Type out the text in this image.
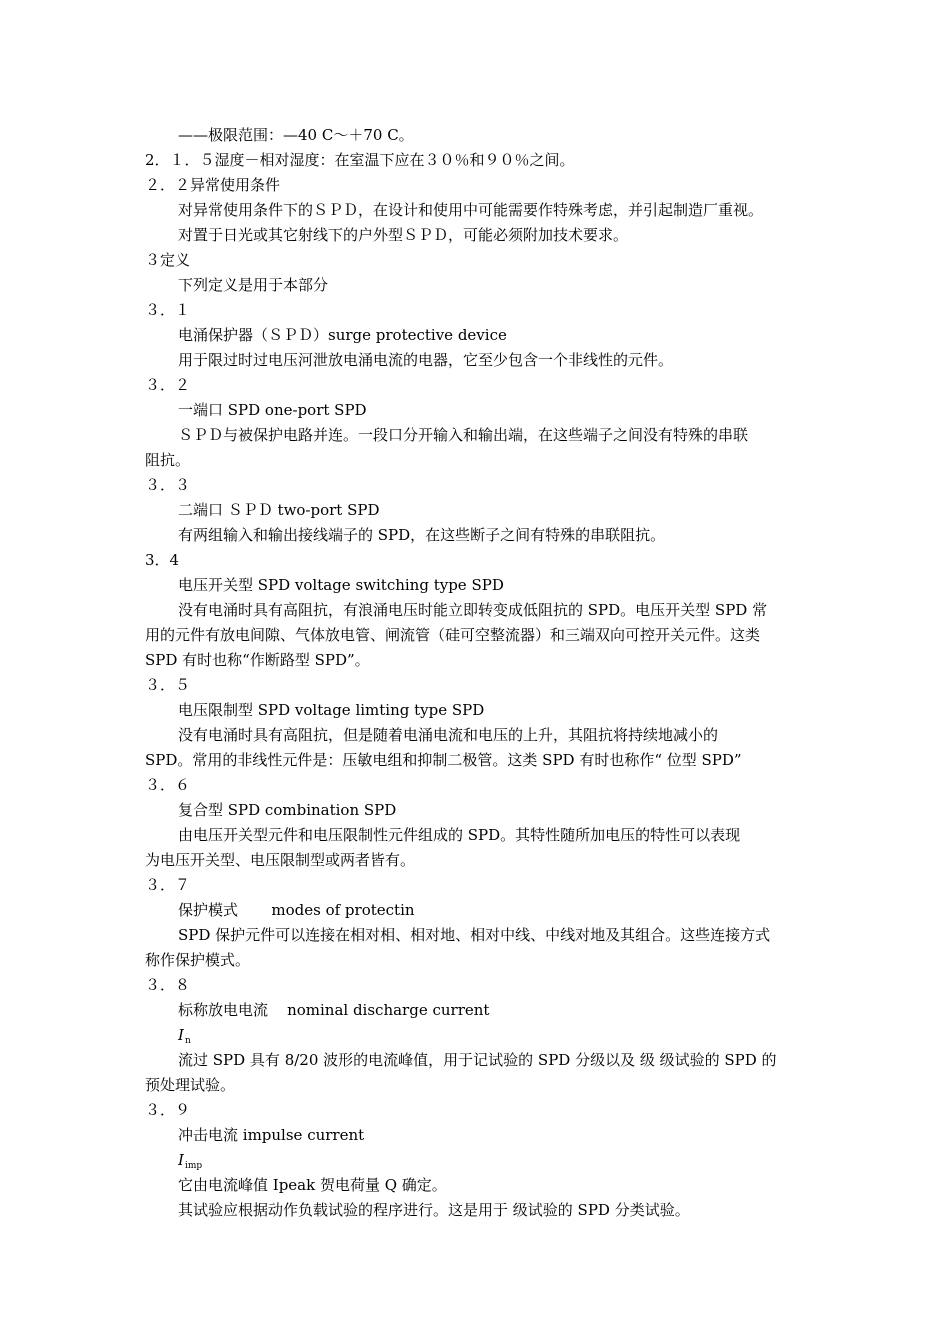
——极限范围：—40 C～＋70 C。
2．１．５湿度－相对湿度：在室温下应在３０％和９０％之间。
２．２异常使用条件
对异常使用条件下的ＳＰＤ，在设计和使用中可能需要作特殊考虑，并引起制造厂重视。
对置于日光或其它射线下的户外型ＳＰＤ，可能必须附加技术要求。
３定义
下列定义是用于本部分
３．１
电涌保护器（ＳＰＤ）surge protective device
用于限过时过电压河泄放电涌电流的电器，它至少包含一个非线性的元件。
３．２
一端口 SPD one-port SPD
ＳＰＤ与被保护电路并连。一段口分开输入和输出端，在这些端子之间没有特殊的串联
阻抗。
３．３
二端口 ＳＰＤ two-port SPD
有两组输入和输出接线端子的 SPD，在这些断子之间有特殊的串联阻抗。
3．4
电压开关型 SPD voltage switching type SPD
没有电涌时具有高阻抗，有浪涌电压时能立即转变成低阻抗的 SPD。电压开关型 SPD 常
用的元件有放电间隙、气体放电管、闸流管（硅可空整流器）和三端双向可控开关元件。这类
SPD 有时也称“作断路型 SPD”。
３．５
电压限制型 SPD voltage limting type SPD
没有电涌时具有高阻抗，但是随着电涌电流和电压的上升，其阻抗将持续地减小的
SPD。常用的非线性元件是：压敏电组和抑制二极管。这类 SPD 有时也称作“ 位型 SPD”
３．６
复合型 SPD combination SPD
由电压开关型元件和电压限制性元件组成的 SPD。其特性随所加电压的特性可以表现
为电压开关型、电压限制型或两者皆有。
３．７
保护模式       modes of protectin
SPD 保护元件可以连接在相对相、相对地、相对中线、中线对地及其组合。这些连接方式
称作保护模式。
３．８
标称放电电流    nominal discharge current
$I_n$
流过 SPD 具有 8/20 波形的电流峰值，用于记试验的 SPD 分级以及 级 级试验的 SPD 的
预处理试验。
３．９
冲击电流 impulse current
$I_{imp}$
它由电流峰值 Ipeak 贺电荷量 Q 确定。
其试验应根据动作负载试验的程序进行。这是用于 级试验的 SPD 分类试验。
